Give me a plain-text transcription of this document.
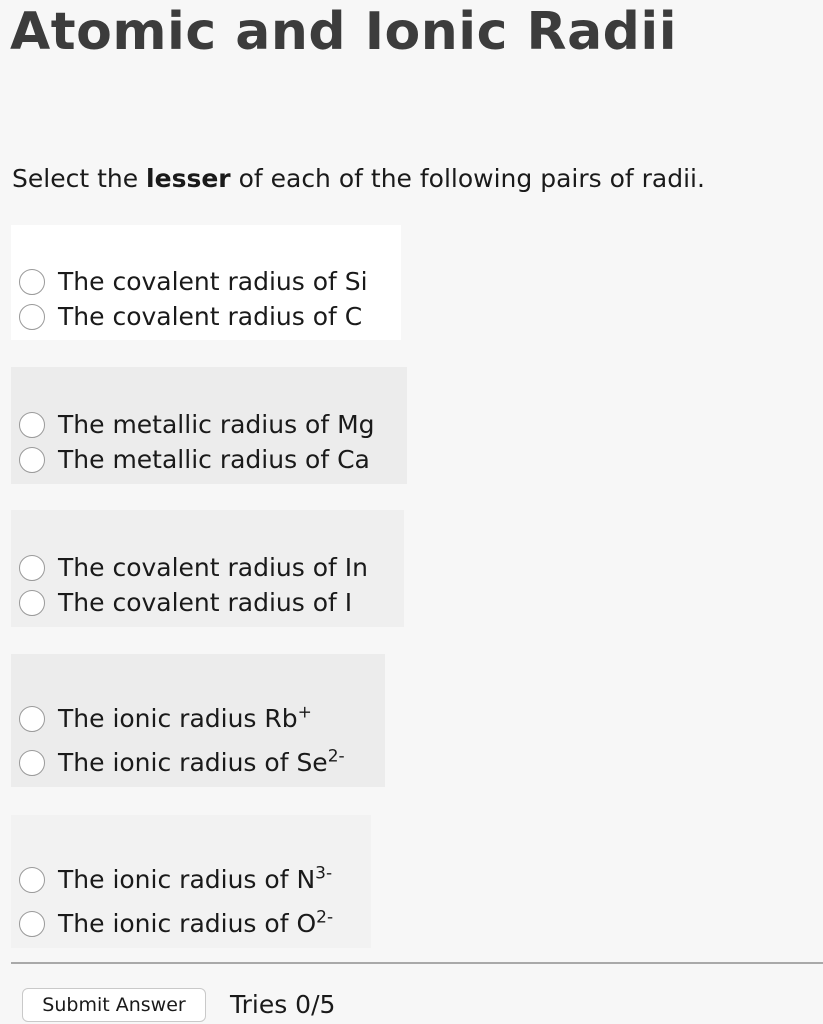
Atomic and Ionic Radii
Select the lesser of each of the following pairs of radii.
The covalent radius of Si
The covalent radius of C
The metallic radius of Mg
The metallic radius of Ca
The covalent radius of In
The covalent radius of I
The ionic radius Rb+
The ionic radius of $Se^{2-}$
The ionic radius of $N^{3-}$
The ionic radius of $O^{2-}$
Submit Answer	Tries 0/5
